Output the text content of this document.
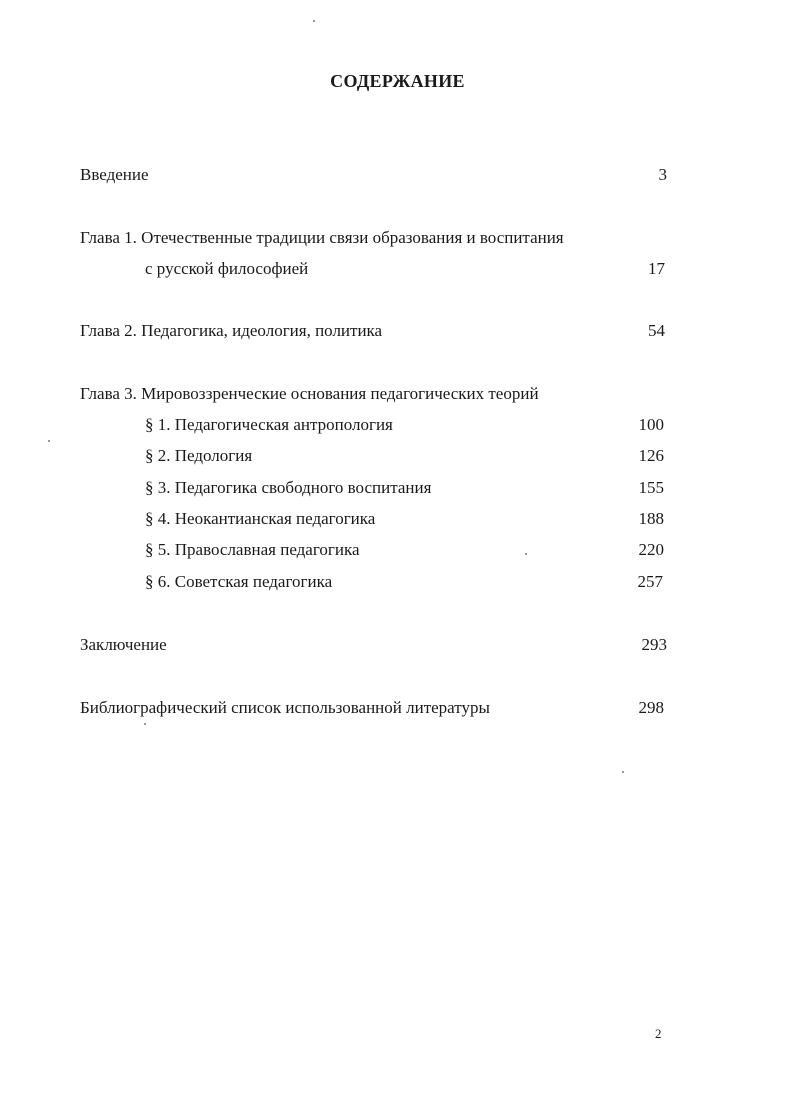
СОДЕРЖАНИЕ
Введение	3
Глава 1. Отечественные традиции связи образования и воспитания
с русской философией	17
Глава 2. Педагогика, идеология, политика	54
Глава 3. Мировоззренческие основания педагогических теорий
§ 1. Педагогическая антропология	100
§ 2. Педология	126
§ 3. Педагогика свободного воспитания	155
§ 4. Неокантианская педагогика	188
§ 5. Православная педагогика	220
§ 6. Советская педагогика	257
Заключение	293
Библиографический список использованной литературы	298
2
